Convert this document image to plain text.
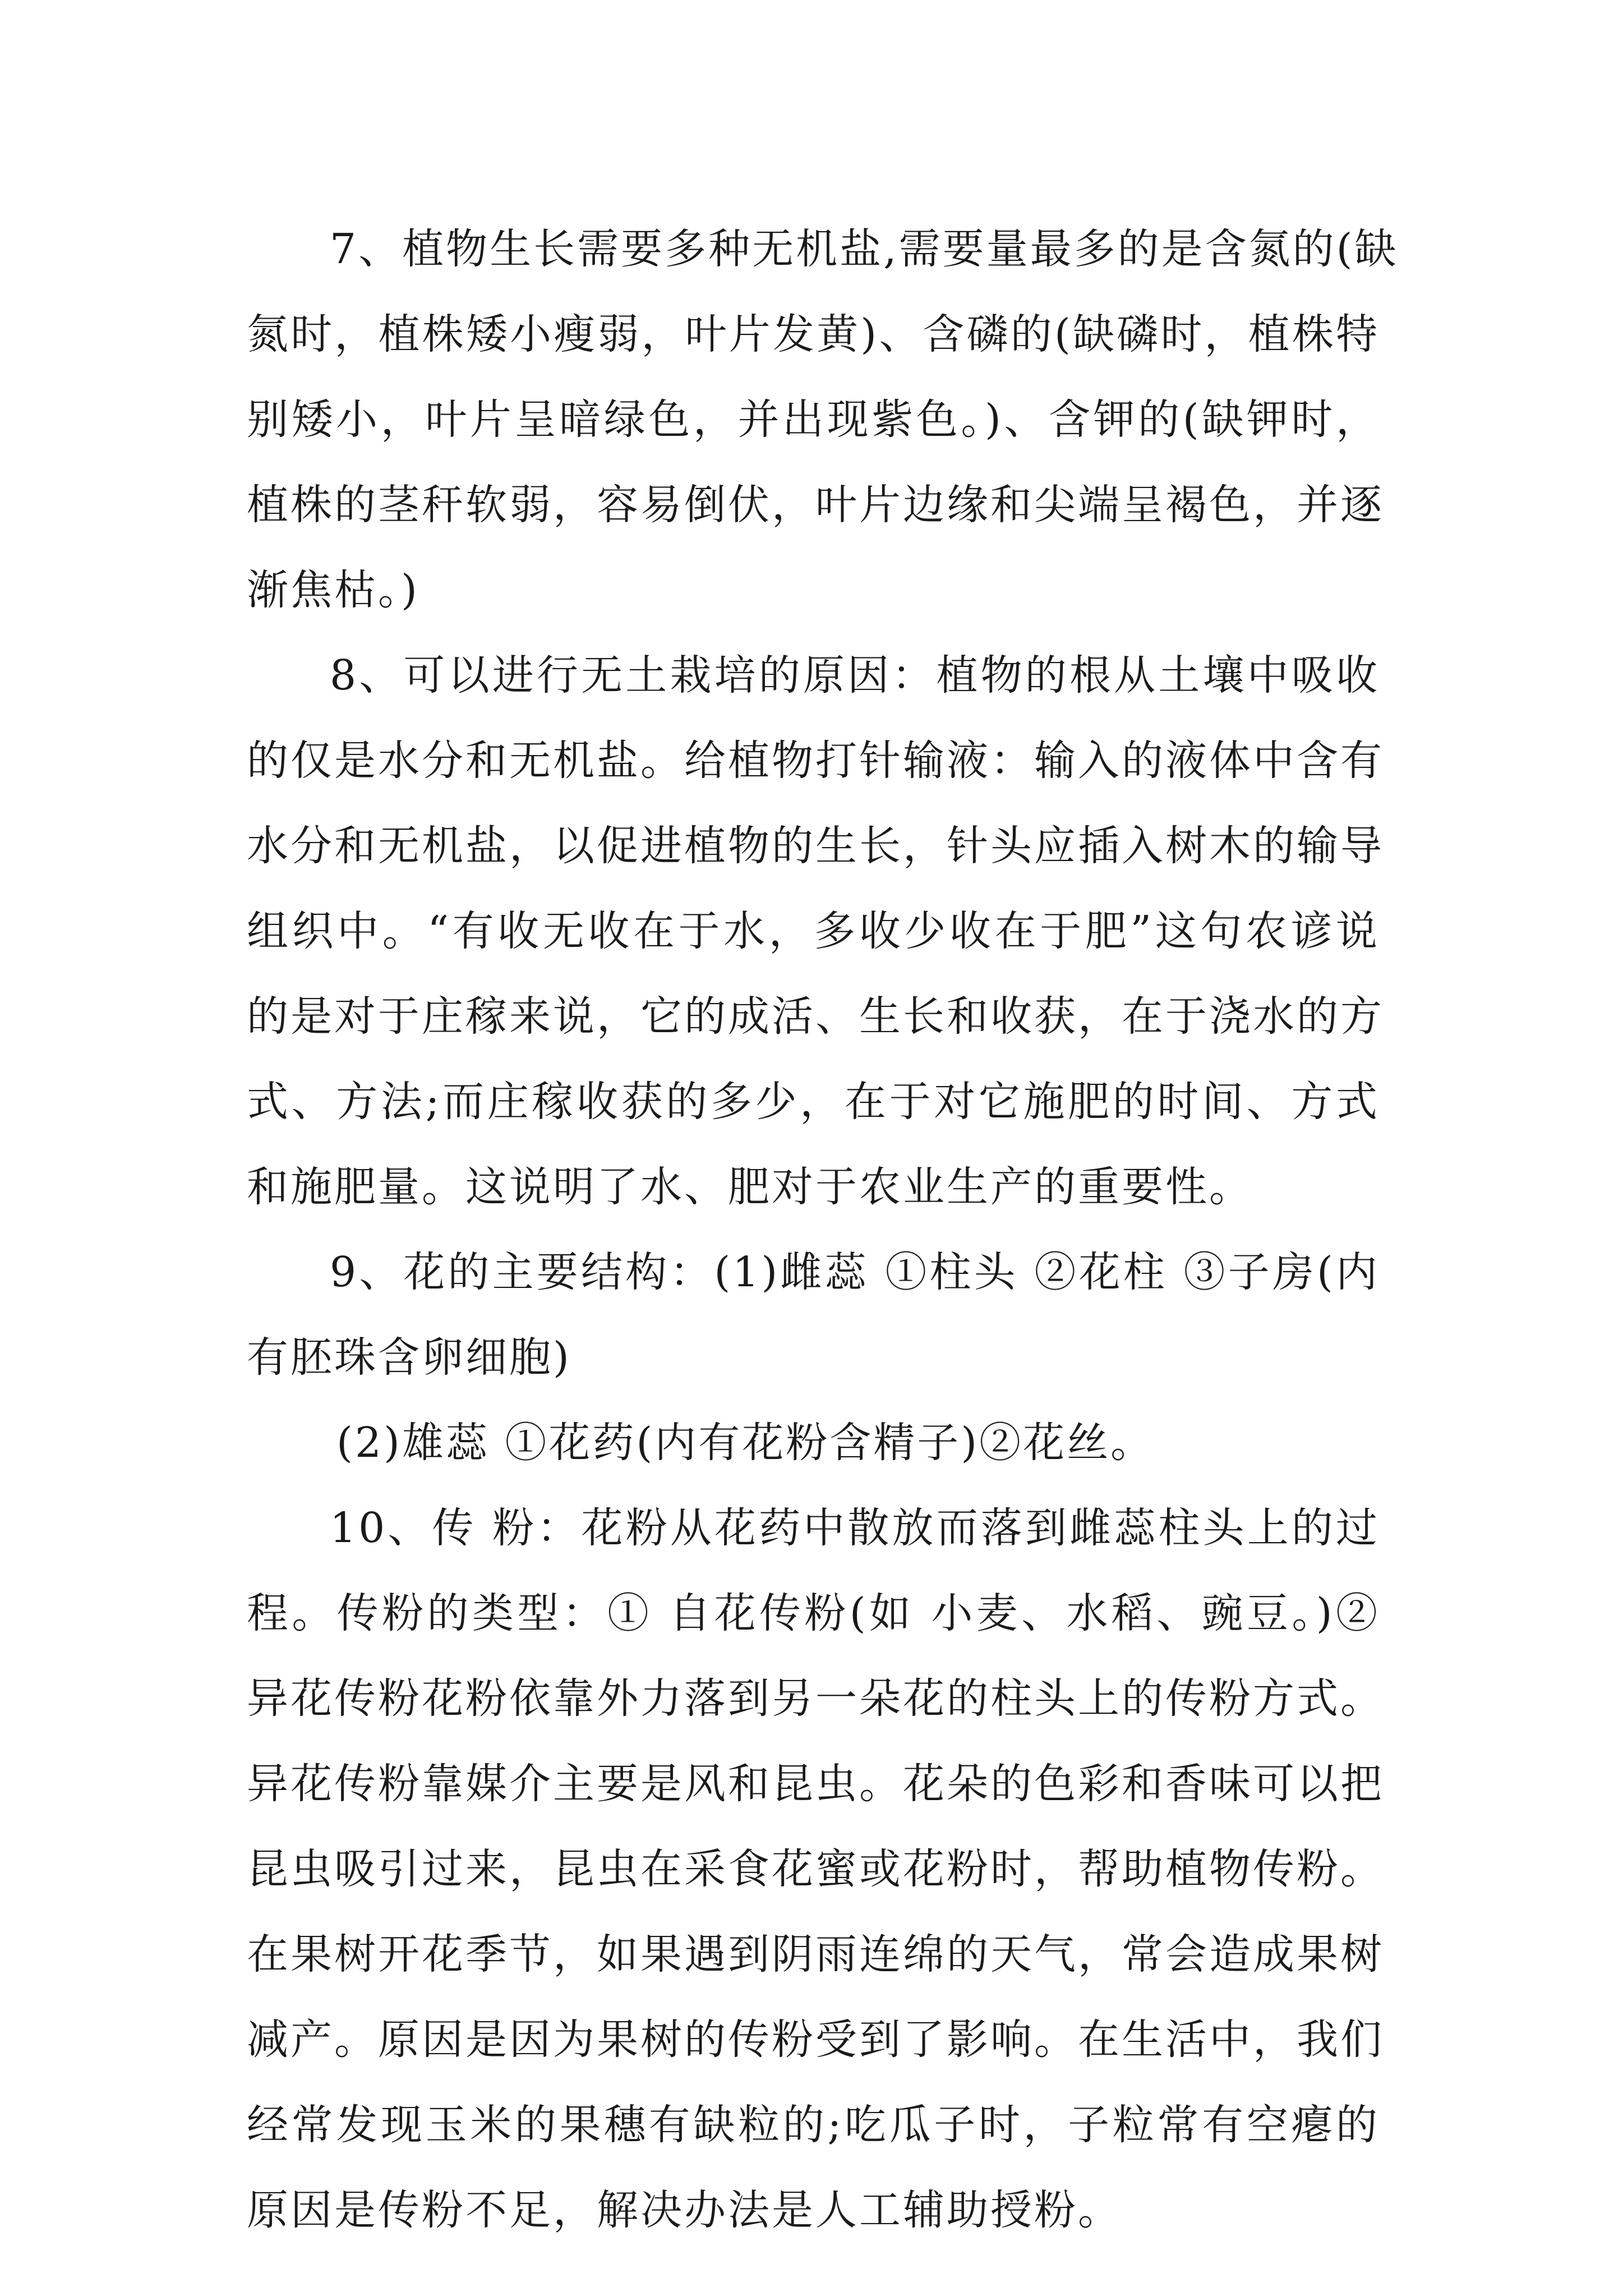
7、植物生长需要多种无机盐,需要量最多的是含氮的(缺
氮时，植株矮小瘦弱，叶片发黄)、含磷的(缺磷时，植株特
别矮小，叶片呈暗绿色，并出现紫色。)、含钾的(缺钾时，
植株的茎秆软弱，容易倒伏，叶片边缘和尖端呈褐色，并逐
渐焦枯。)
8、可以进行无土栽培的原因：植物的根从土壤中吸收
的仅是水分和无机盐。给植物打针输液：输入的液体中含有
水分和无机盐，以促进植物的生长，针头应插入树木的输导
组织中。“有收无收在于水，多收少收在于肥”这句农谚说
的是对于庄稼来说，它的成活、生长和收获，在于浇水的方
式、方法;而庄稼收获的多少，在于对它施肥的时间、方式
和施肥量。这说明了水、肥对于农业生产的重要性。
9、花的主要结构：(1)雌蕊 ①柱头 ②花柱 ③子房(内
有胚珠含卵细胞)
(2)雄蕊 ①花药(内有花粉含精子)②花丝。
10、传 粉：花粉从花药中散放而落到雌蕊柱头上的过
程。传粉的类型：① 自花传粉(如 小麦、水稻、豌豆。)②
异花传粉花粉依靠外力落到另一朵花的柱头上的传粉方式。
异花传粉靠媒介主要是风和昆虫。花朵的色彩和香味可以把
昆虫吸引过来，昆虫在采食花蜜或花粉时，帮助植物传粉。
在果树开花季节，如果遇到阴雨连绵的天气，常会造成果树
减产。原因是因为果树的传粉受到了影响。在生活中，我们
经常发现玉米的果穗有缺粒的;吃瓜子时，子粒常有空瘪的
原因是传粉不足，解决办法是人工辅助授粉。
